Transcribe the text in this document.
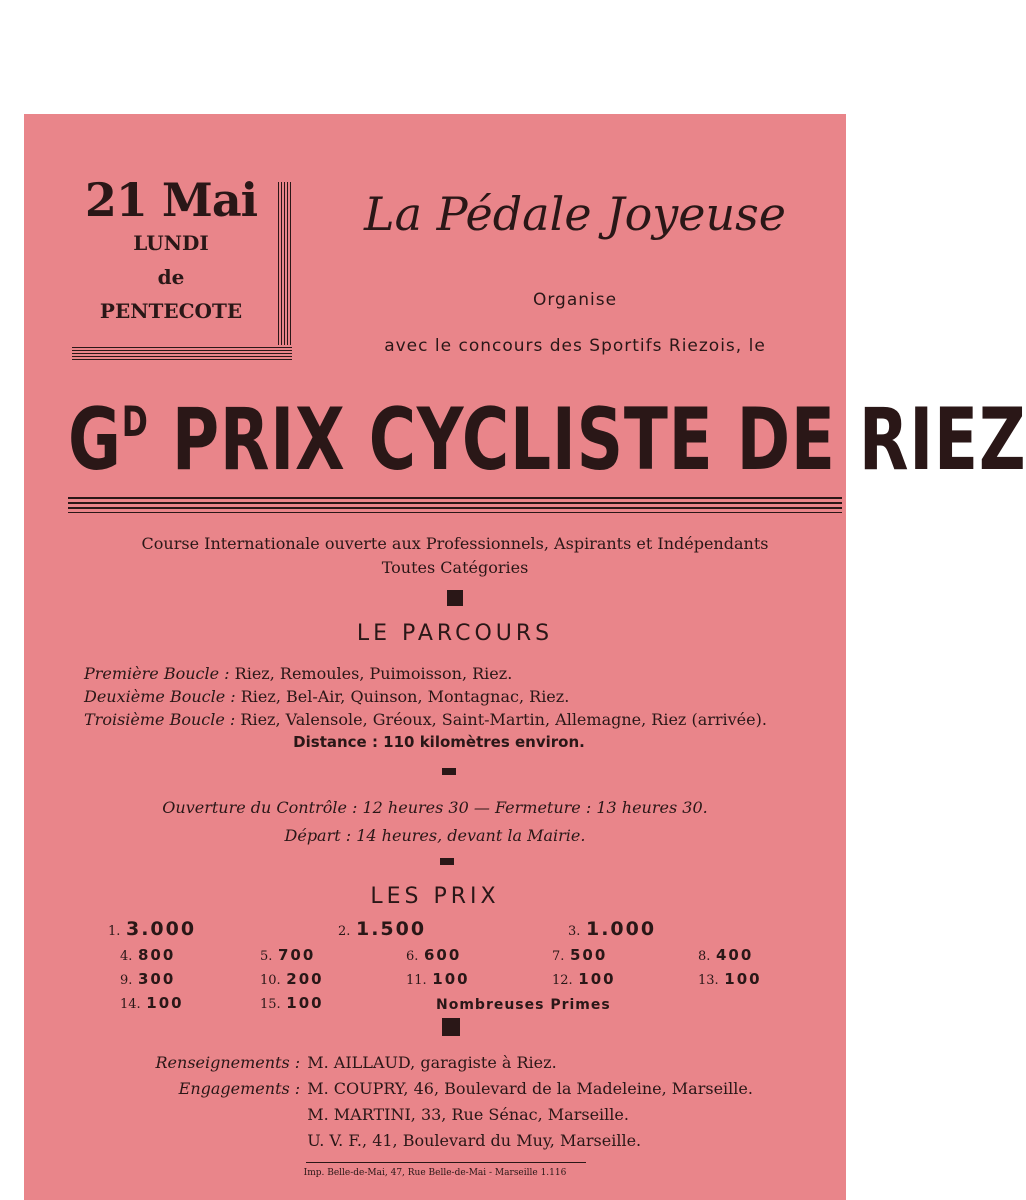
21 Mai
LUNDI
de
PENTECOTE
La Pédale Joyeuse
Organise
avec le concours des Sportifs Riezois, le
$G^D$ PRIX CYCLISTE DE RIEZ
Course Internationale ouverte aux Professionnels, Aspirants et Indépendants
Toutes Catégories
LE PARCOURS
Première Boucle : Riez, Remoules, Puimoisson, Riez.
Deuxième Boucle : Riez, Bel-Air, Quinson, Montagnac, Riez.
Troisième Boucle : Riez, Valensole, Gréoux, Saint-Martin, Allemagne, Riez (arrivée).
Distance : 110 kilomètres environ.
Ouverture du Contrôle : 12 heures 30 — Fermeture : 13 heures 30.
Départ : 14 heures, devant la Mairie.
LES PRIX
1. 3.000	2. 1.500	3. 1.000
4. 800	5. 700	6. 600	7. 500	8. 400
9. 300	10. 200	11. 100	12. 100	13. 100
14. 100	15. 100	Nombreuses Primes		
Renseignements :	M. AILLAUD, garagiste à Riez.
Engagements :	M. COUPRY, 46, Boulevard de la Madeleine, Marseille.
	M. MARTINI, 33, Rue Sénac, Marseille.
	U. V. F., 41, Boulevard du Muy, Marseille.
Imp. Belle-de-Mai, 47, Rue Belle-de-Mai - Marseille 1.116
